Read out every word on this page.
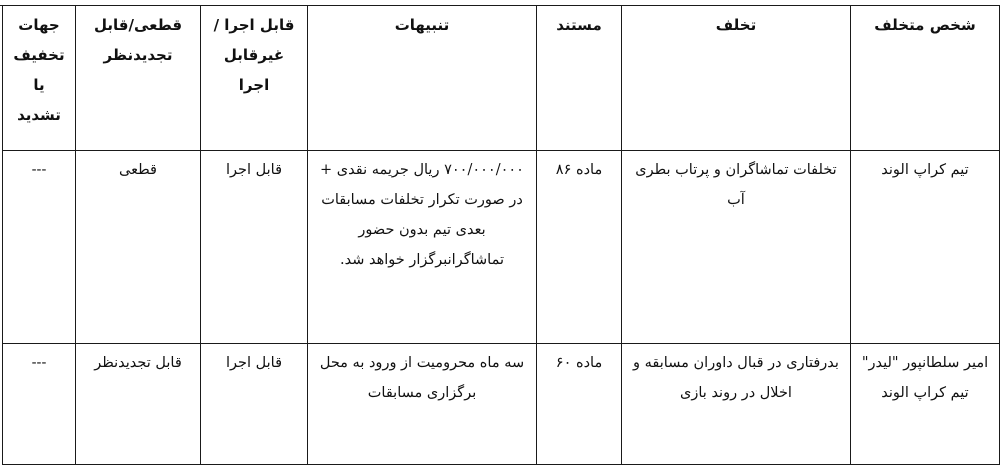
شخص متخلف	تخلف	مستند	تنبیهات	قابل اجرا /غیرقابل اجرا	قطعی/قابل تجدیدنظر	جهات تخفیف یا تشدید
تیم کراپ الوند	تخلفات تماشاگران و پرتاب بطری آب	ماده ۸۶	۷۰۰/۰۰۰/۰۰۰ ریال جریمه نقدی + در صورت تکرار تخلفات مسابقات بعدی تیم بدون حضور تماشاگرانبرگزار خواهد شد.	قابل اجرا	قطعی	---
امیر سلطانپور "لیدر" تیم کراپ الوند	بدرفتاری در قبال داوران مسابقه و اخلال در روند بازی	ماده ۶۰	سه ماه محرومیت از ورود به محل برگزاری مسابقات	قابل اجرا	قابل تجدیدنظر	---
